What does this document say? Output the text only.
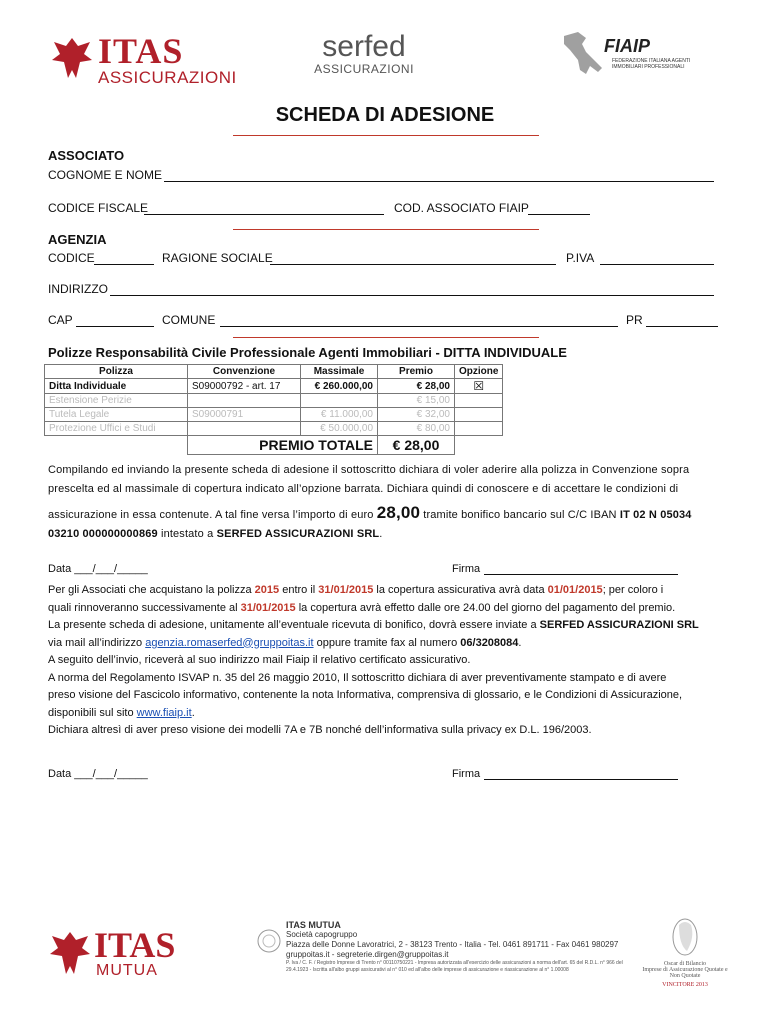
ITAS
ASSICURAZIONI
serfed
ASSICURAZIONI
FIAIP
FEDERAZIONE ITALIANA AGENTI IMMOBILIARI PROFESSIONALI
SCHEDA DI ADESIONE
ASSOCIATO
COGNOME E NOME
CODICE FISCALE	COD. ASSOCIATO FIAIP
AGENZIA
CODICE	RAGIONE SOCIALE	P.IVA
INDIRIZZO
CAP	COMUNE	PR
Polizze Responsabilità Civile Professionale Agenti Immobiliari - DITTA INDIVIDUALE
Polizza	Convenzione	Massimale	Premio	Opzione
Ditta Individuale	S09000792 - art. 17	€ 260.000,00	€ 28,00	☒
Estensione Perizie			€ 15,00	
Tutela Legale	S09000791	€ 11.000,00	€ 32,00	
Protezione Uffici e Studi		€ 50.000,00	€ 80,00	
	PREMIO TOTALE		€ 28,00	
Compilando ed inviando la presente scheda di adesione il sottoscritto dichiara di voler aderire alla polizza in Convenzione sopra
prescelta ed al massimale di copertura indicato all’opzione barrata. Dichiara quindi di conoscere e di accettare le condizioni di
assicurazione in essa contenute. A tal fine versa l’importo di euro 28,00 tramite bonifico bancario sul C/C IBAN IT 02 N 05034
03210 000000000869 intestato a SERFED ASSICURAZIONI SRL.
Data ___/___/_____	Firma
Per gli Associati che acquistano la polizza 2015 entro il 31/01/2015 la copertura assicurativa avrà data 01/01/2015; per coloro i
quali rinnoveranno successivamente al 31/01/2015 la copertura avrà effetto dalle ore 24.00 del giorno del pagamento del premio.
La presente scheda di adesione, unitamente all’eventuale ricevuta di bonifico, dovrà essere inviate a SERFED ASSICURAZIONI SRL
via mail all’indirizzo agenzia.romaserfed@gruppoitas.it oppure tramite fax al numero 06/3208084.
A seguito dell’invio, riceverà al suo indirizzo mail Fiaip il relativo certificato assicurativo.
A norma del Regolamento ISVAP n. 35 del 26 maggio 2010, Il sottoscritto dichiara di aver preventivamente stampato e di avere
preso visione del Fascicolo informativo, contenente la nota Informativa, comprensiva di glossario, e le Condizioni di Assicurazione,
disponibili sul sito www.fiaip.it.
Dichiara altresì di aver preso visione dei modelli 7A e 7B nonché dell’informativa sulla privacy ex D.L. 196/2003.
Data ___/___/_____	Firma
ITAS
MUTUA
ITAS MUTUA
Società capogruppo
Piazza delle Donne Lavoratrici, 2 - 38123 Trento - Italia - Tel. 0461 891711 - Fax 0461 980297
gruppoitas.it - segreterie.dirgen@gruppoitas.it
P. Iva / C. F. / Registro Imprese di Trento n° 00110750221 - Impresa autorizzata all'esercizio delle assicurazioni a norma dell'art. 65 del R.D.L. n° 966 del 29.4.1923 - Iscritta all'albo gruppi assicurativi al n° 010 ed all'albo delle imprese di assicurazione e riassicurazione al n° 1.00008
Oscar di Bilancio
Imprese di Assicurazione Quotate e Non Quotate
VINCITORE 2013
